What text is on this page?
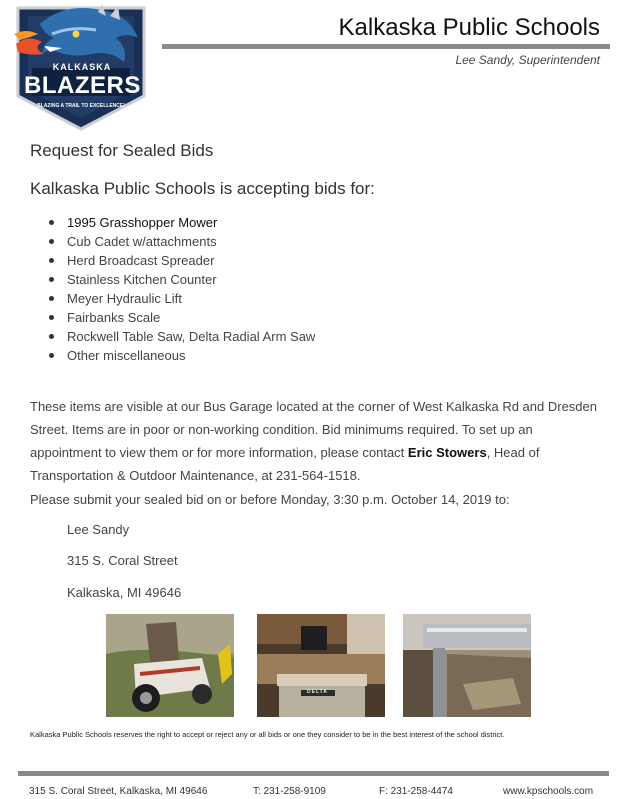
KALKASKA
BLAZERS
BLAZING A TRAIL TO EXCELLENCE!
Kalkaska Public Schools
Lee Sandy, Superintendent
Request for Sealed Bids
Kalkaska Public Schools is accepting bids for:
1995 Grasshopper Mower
Cub Cadet w/attachments
Herd Broadcast Spreader
Stainless Kitchen Counter
Meyer Hydraulic Lift
Fairbanks Scale
Rockwell Table Saw, Delta Radial Arm Saw
Other miscellaneous
These items are visible at our Bus Garage located at the corner of West Kalkaska Rd and Dresden Street. Items are in poor or non-working condition. Bid minimums required. To set up an appointment to view them or for more information, please contact Eric Stowers, Head of Transportation & Outdoor Maintenance, at 231-564-1518.
Please submit your sealed bid on or before Monday, 3:30 p.m. October 14, 2019 to:
Lee Sandy
315 S. Coral Street
Kalkaska, MI 49646
DELTA
Kalkaska Public Schools reserves the right to accept or reject any or all bids or one they consider to be in the best interest of the school district.
315 S. Coral Street, Kalkaska, MI 49646	T: 231-258-9109	F: 231-258-4474	www.kpschools.com
